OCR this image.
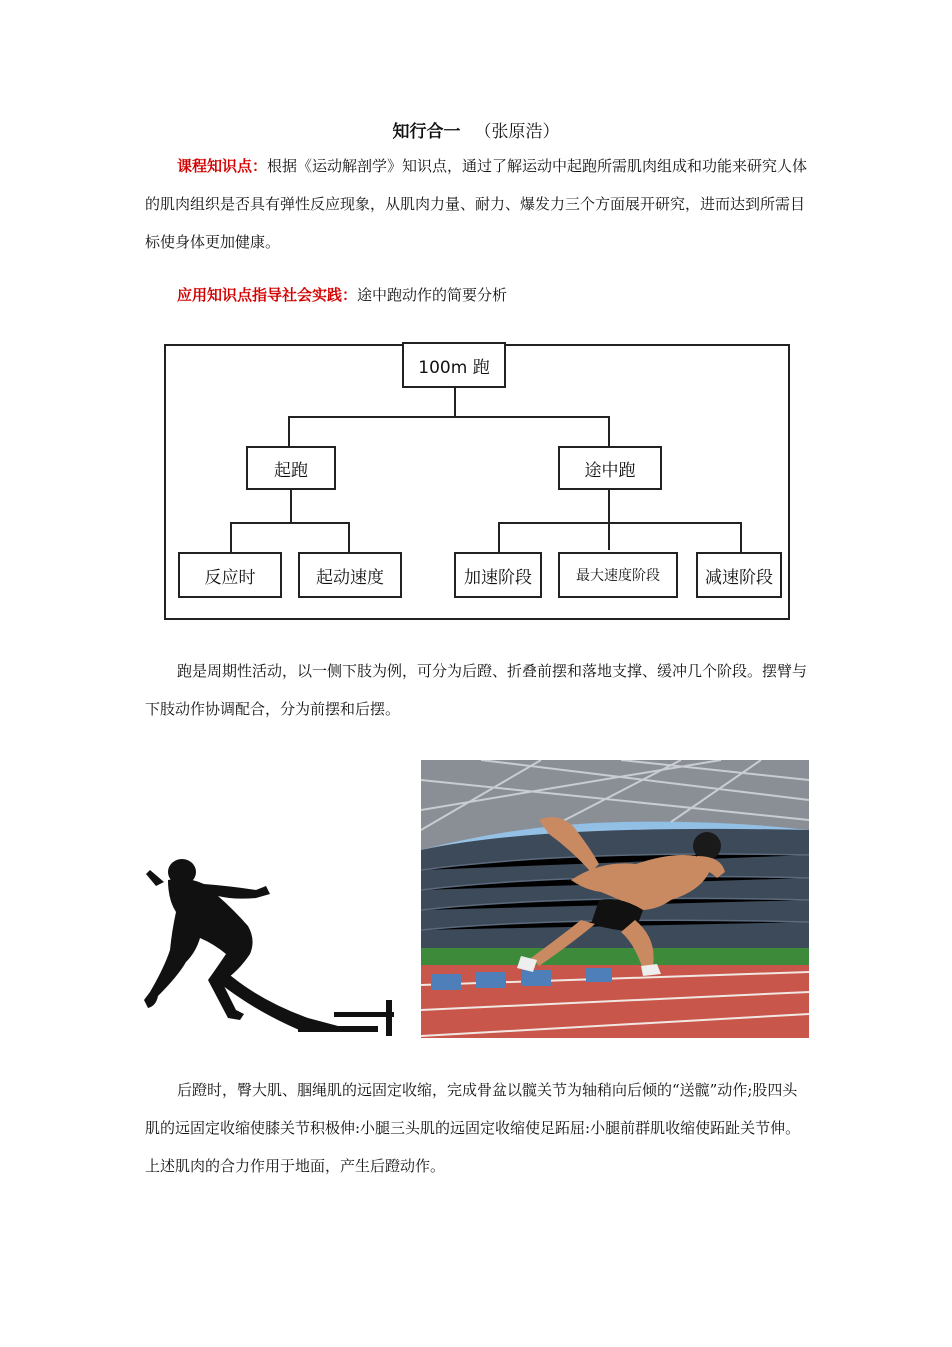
知行合一 （张原浩）

课程知识点：根据《运动解剖学》知识点，通过了解运动中起跑所需肌肉组成和功能来研究人体的肌肉组织是否具有弹性反应现象，从肌肉力量、耐力、爆发力三个方面展开研究，进而达到所需目标使身体更加健康。

应用知识点指导社会实践：途中跑动作的简要分析

100m 跑
起跑	途中跑
反应时	起动速度	加速阶段	最大速度阶段	减速阶段

跑是周期性活动，以一侧下肢为例，可分为后蹬、折叠前摆和落地支撑、缓冲几个阶段。摆臂与下肢动作协调配合，分为前摆和后摆。

后蹬时，臀大肌、腘绳肌的远固定收缩，完成骨盆以髋关节为轴稍向后倾的“送髋”动作;股四头肌的远固定收缩使膝关节积极伸:小腿三头肌的远固定收缩使足跖屈:小腿前群肌收缩使跖趾关节伸。上述肌肉的合力作用于地面，产生后蹬动作。
